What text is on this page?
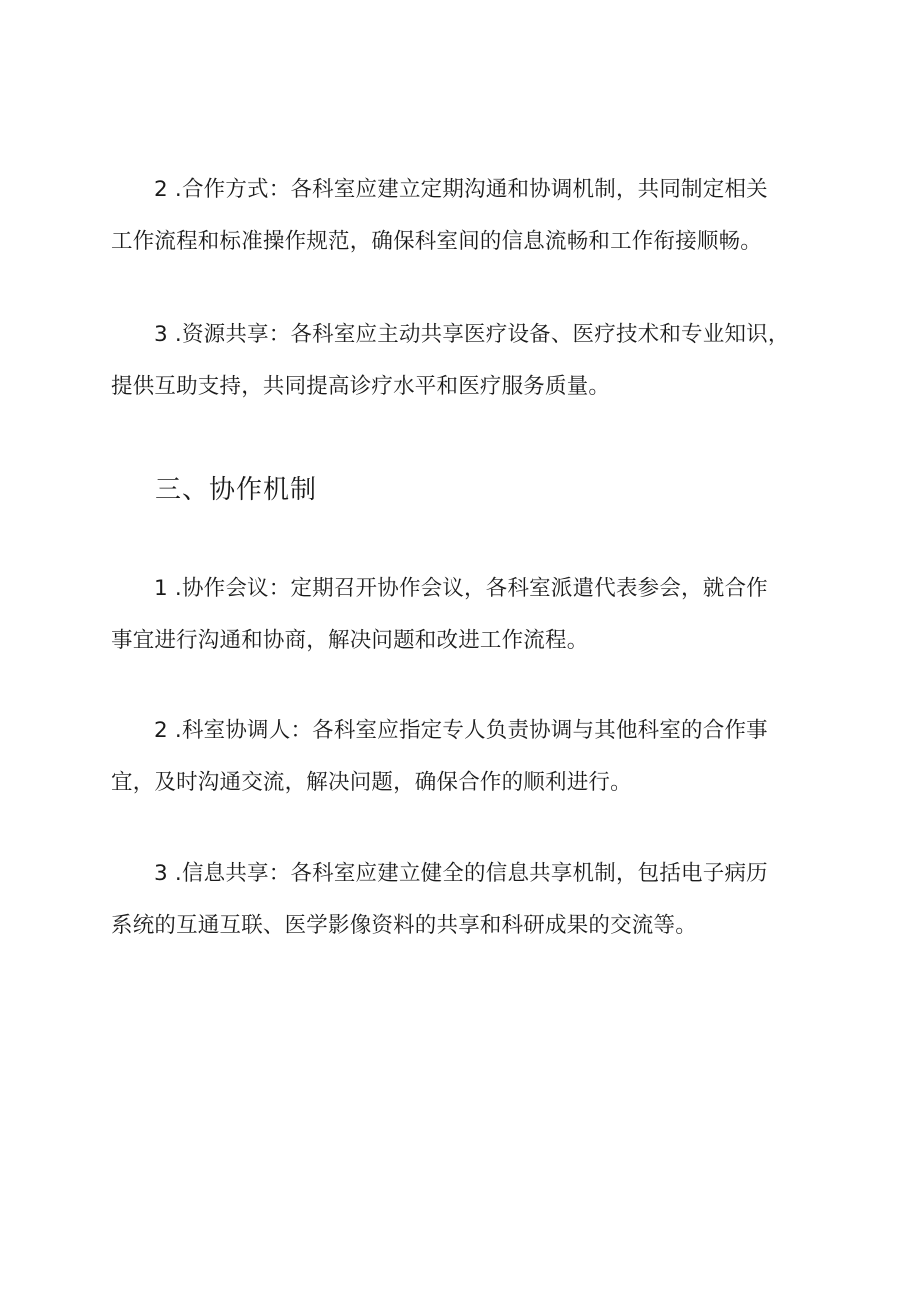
2 .合作方式：各科室应建立定期沟通和协调机制，共同制定相关
工作流程和标准操作规范，确保科室间的信息流畅和工作衔接顺畅。

3 .资源共享：各科室应主动共享医疗设备、医疗技术和专业知识，
提供互助支持，共同提高诊疗水平和医疗服务质量。

三、协作机制

1 .协作会议：定期召开协作会议，各科室派遣代表参会，就合作
事宜进行沟通和协商，解决问题和改进工作流程。

2 .科室协调人：各科室应指定专人负责协调与其他科室的合作事
宜，及时沟通交流，解决问题，确保合作的顺利进行。

3 .信息共享：各科室应建立健全的信息共享机制，包括电子病历
系统的互通互联、医学影像资料的共享和科研成果的交流等。
